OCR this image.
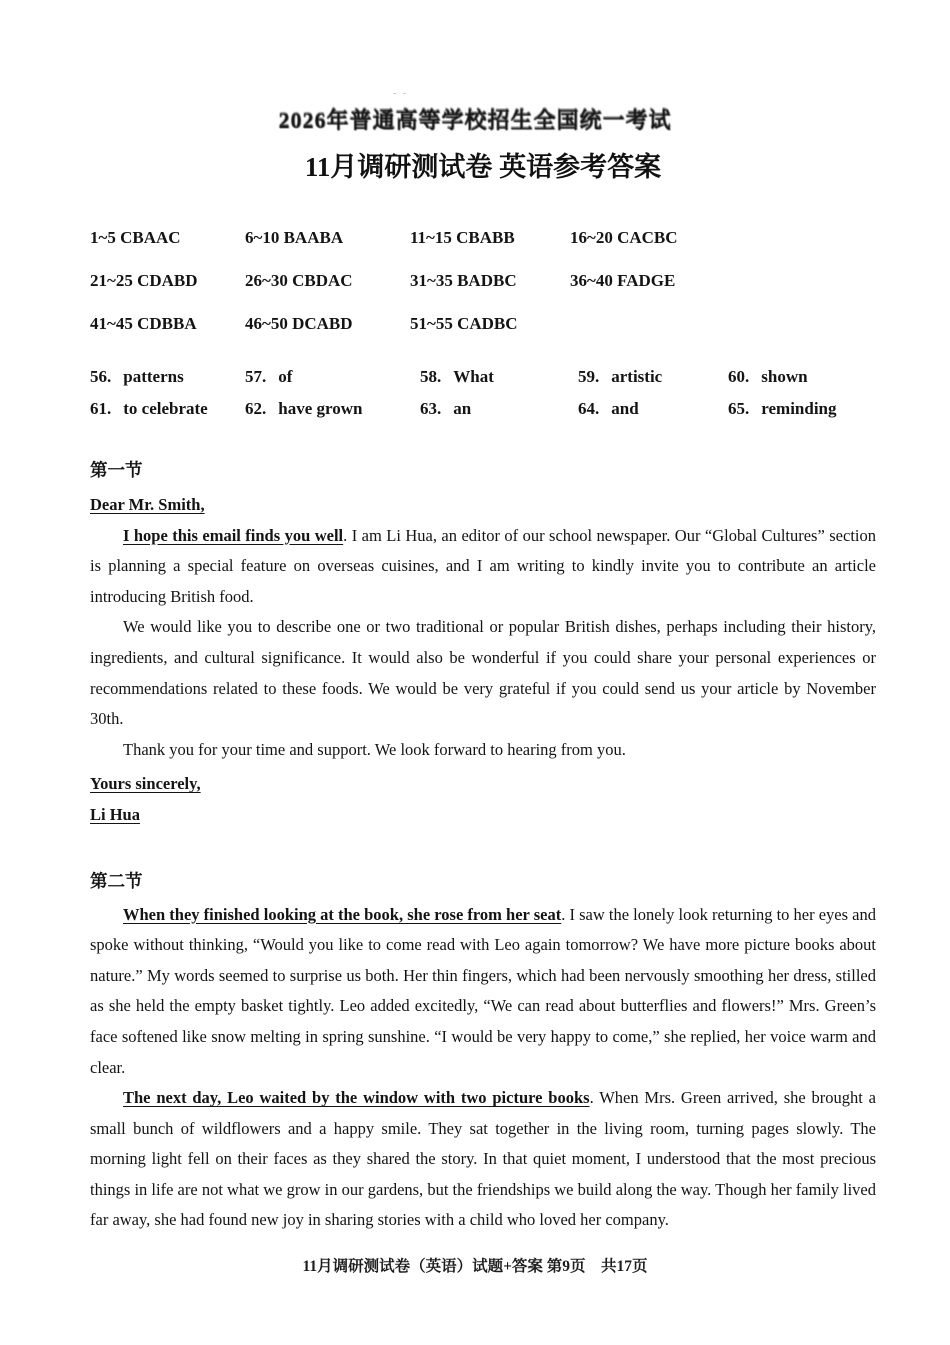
- -
2026年普通高等学校招生全国统一考试
11月调研测试卷 英语参考答案
1~5 CBAAC	6~10 BAABA	11~15 CBABB	16~20 CACBC
21~25 CDABD	26~30 CBDAC	31~35 BADBC	36~40 FADGE
41~45 CDBBA	46~50 DCABD	51~55 CADBC
56. patterns	57. of	58. What	59. artistic	60. shown
61. to celebrate	62. have grown	63. an	64. and	65. reminding
第一节

Dear Mr. Smith,

I hope this email finds you well. I am Li Hua, an editor of our school newspaper. Our “Global Cultures” section is planning a special feature on overseas cuisines, and I am writing to kindly invite you to contribute an article introducing British food.

We would like you to describe one or two traditional or popular British dishes, perhaps including their history, ingredients, and cultural significance. It would also be wonderful if you could share your personal experiences or recommendations related to these foods. We would be very grateful if you could send us your article by November 30th.

Thank you for your time and support. We look forward to hearing from you.

Yours sincerely,

Li Hua

第二节

When they finished looking at the book, she rose from her seat. I saw the lonely look returning to her eyes and spoke without thinking, “Would you like to come read with Leo again tomorrow? We have more picture books about nature.” My words seemed to surprise us both. Her thin fingers, which had been nervously smoothing her dress, stilled as she held the empty basket tightly. Leo added excitedly, “We can read about butterflies and flowers!” Mrs. Green’s face softened like snow melting in spring sunshine. “I would be very happy to come,” she replied, her voice warm and clear.

The next day, Leo waited by the window with two picture books. When Mrs. Green arrived, she brought a small bunch of wildflowers and a happy smile. They sat together in the living room, turning pages slowly. The morning light fell on their faces as they shared the story. In that quiet moment, I understood that the most precious things in life are not what we grow in our gardens, but the friendships we build along the way. Though her family lived far away, she had found new joy in sharing stories with a child who loved her company.

11月调研测试卷（英语）试题+答案 第9页　共17页
